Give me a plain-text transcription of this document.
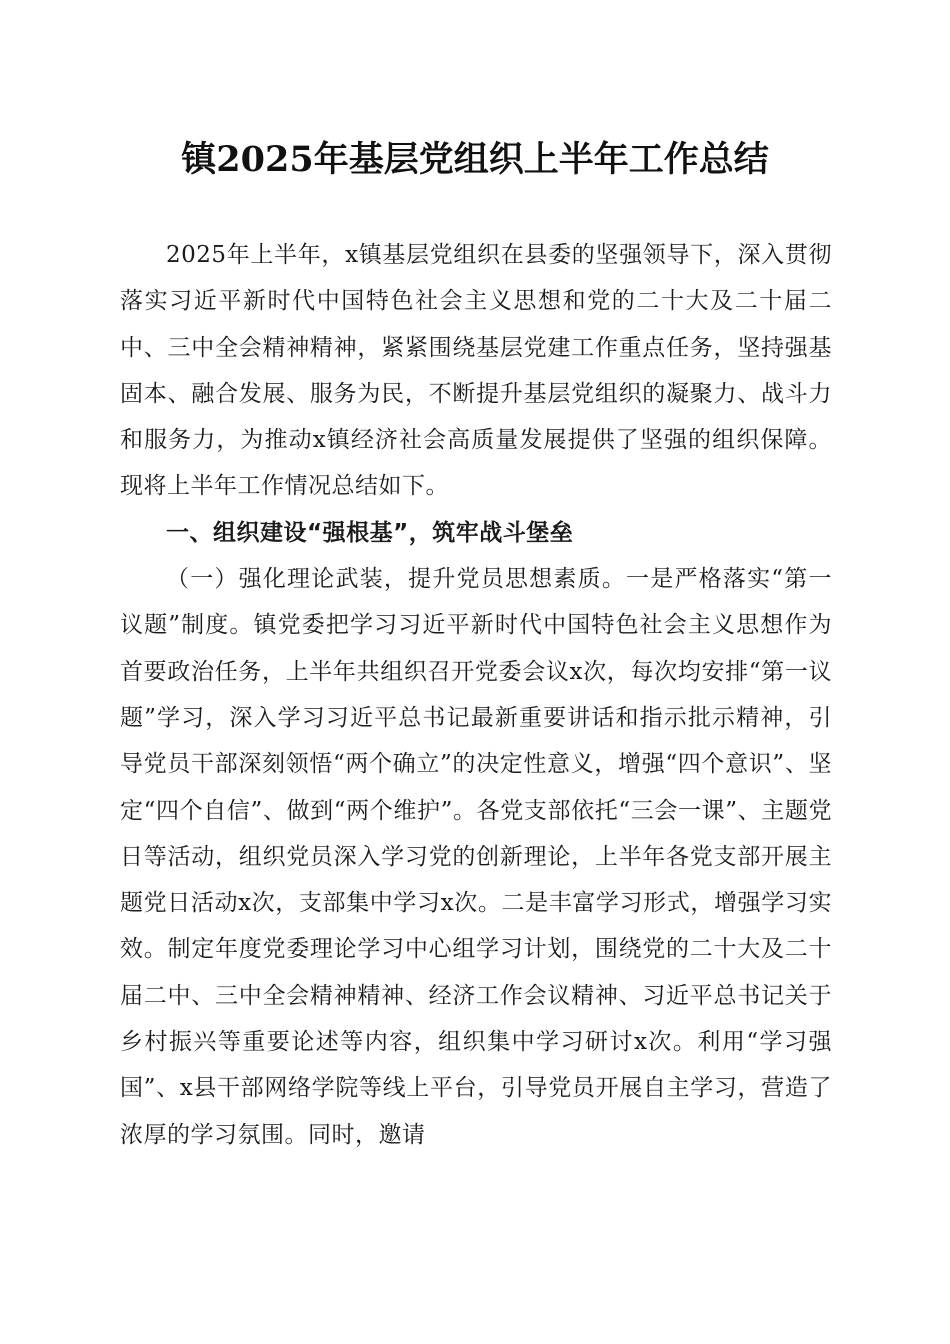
镇2025年基层党组织上半年工作总结

2025年上半年，x镇基层党组织在县委的坚强领导下，深入贯彻落实习近平新时代中国特色社会主义思想和党的二十大及二十届二中、三中全会精神精神，紧紧围绕基层党建工作重点任务，坚持强基固本、融合发展、服务为民，不断提升基层党组织的凝聚力、战斗力和服务力，为推动x镇经济社会高质量发展提供了坚强的组织保障。现将上半年工作情况总结如下。

一、组织建设“强根基”，筑牢战斗堡垒

（一）强化理论武装，提升党员思想素质。一是严格落实“第一议题”制度。镇党委把学习习近平新时代中国特色社会主义思想作为首要政治任务，上半年共组织召开党委会议x次，每次均安排“第一议题”学习，深入学习习近平总书记最新重要讲话和指示批示精神，引导党员干部深刻领悟“两个确立”的决定性意义，增强“四个意识”、坚定“四个自信”、做到“两个维护”。各党支部依托“三会一课”、主题党日等活动，组织党员深入学习党的创新理论，上半年各党支部开展主题党日活动x次，支部集中学习x次。二是丰富学习形式，增强学习实效。制定年度党委理论学习中心组学习计划，围绕党的二十大及二十届二中、三中全会精神精神、经济工作会议精神、习近平总书记关于乡村振兴等重要论述等内容，组织集中学习研讨x次。利用“学习强国”、x县干部网络学院等线上平台，引导党员开展自主学习，营造了浓厚的学习氛围。同时，邀请
